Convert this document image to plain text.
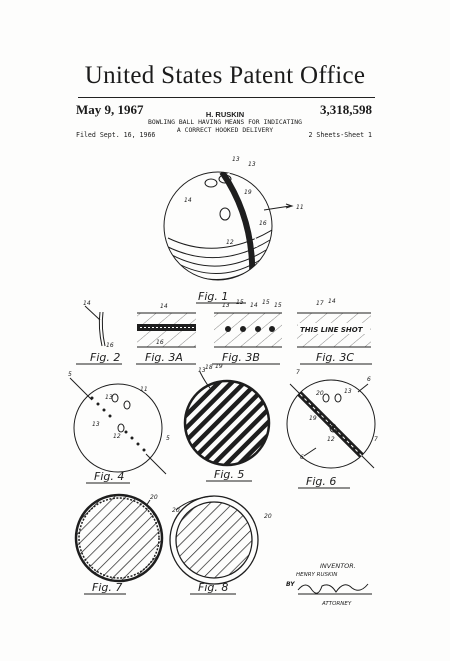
United States Patent Office
May 9, 1967	3,318,598
H. RUSKIN
BOWLING BALL HAVING MEANS FOR INDICATING
A CORRECT HOOKED DELIVERY
Filed Sept. 16, 1966	2 Sheets-Sheet 1
13
13
19
14
16
11
12
Fig. 1
14
16
Fig. 2
14
16
Fig. 3A
13 15 14 15 15
Fig. 3B
THIS LINE SHOT
17 14
Fig. 3C
5
11
13
13
12	5
Fig. 4
13 18 19
Fig. 5
7
6
20	13
19
12	7
6
Fig. 6
20
Fig. 7
20
20
Fig. 8
INVENTOR.
HENRY RUSKIN
BY
ATTORNEY
